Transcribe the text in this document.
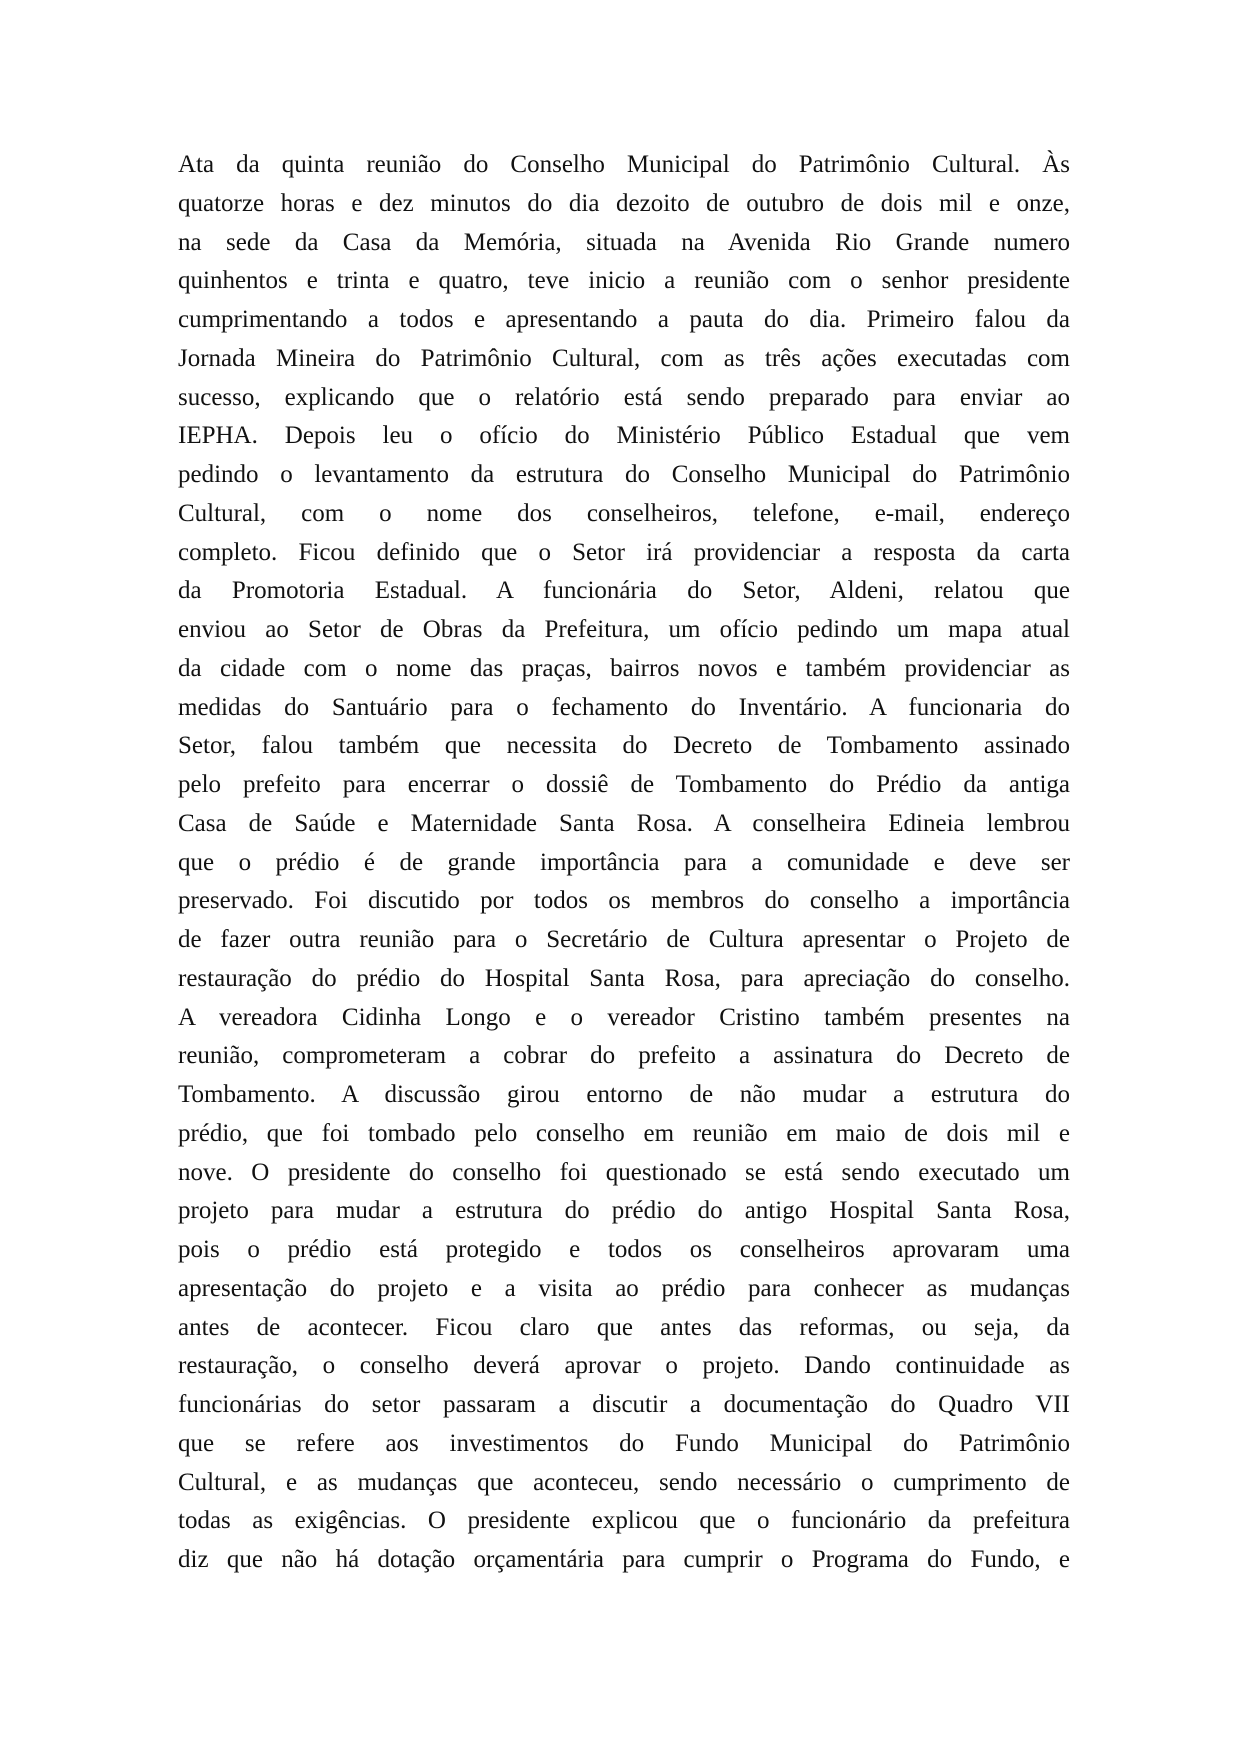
Ata da quinta reunião do Conselho Municipal do Patrimônio Cultural. Às
quatorze horas e dez minutos do dia dezoito de outubro de dois mil e onze,
na sede da Casa da Memória, situada na Avenida Rio Grande numero
quinhentos e trinta e quatro, teve inicio a reunião com o senhor presidente
cumprimentando a todos e apresentando a pauta do dia. Primeiro falou da
Jornada Mineira do Patrimônio Cultural, com as três ações executadas com
sucesso, explicando que o relatório está sendo preparado para enviar ao
IEPHA. Depois leu o ofício do Ministério Público Estadual que vem
pedindo o levantamento da estrutura do Conselho Municipal do Patrimônio
Cultural, com o nome dos conselheiros, telefone, e-mail, endereço
completo. Ficou definido que o Setor irá providenciar a resposta da carta
da Promotoria Estadual. A funcionária do Setor, Aldeni, relatou que
enviou ao Setor de Obras da Prefeitura, um ofício pedindo um mapa atual
da cidade com o nome das praças, bairros novos e também providenciar as
medidas do Santuário para o fechamento do Inventário. A funcionaria do
Setor, falou também que necessita do Decreto de Tombamento assinado
pelo prefeito para encerrar o dossiê de Tombamento do Prédio da antiga
Casa de Saúde e Maternidade Santa Rosa. A conselheira Edineia lembrou
que o prédio é de grande importância para a comunidade e deve ser
preservado. Foi discutido por todos os membros do conselho a importância
de fazer outra reunião para o Secretário de Cultura apresentar o Projeto de
restauração do prédio do Hospital Santa Rosa, para apreciação do conselho.
A vereadora Cidinha Longo e o vereador Cristino também presentes na
reunião, comprometeram a cobrar do prefeito a assinatura do Decreto de
Tombamento. A discussão girou entorno de não mudar a estrutura do
prédio, que foi tombado pelo conselho em reunião em maio de dois mil e
nove. O presidente do conselho foi questionado se está sendo executado um
projeto para mudar a estrutura do prédio do antigo Hospital Santa Rosa,
pois o prédio está protegido e todos os conselheiros aprovaram uma
apresentação do projeto e a visita ao prédio para conhecer as mudanças
antes de acontecer. Ficou claro que antes das reformas, ou seja, da
restauração, o conselho deverá aprovar o projeto. Dando continuidade as
funcionárias do setor passaram a discutir a documentação do Quadro VII
que se refere aos investimentos do Fundo Municipal do Patrimônio
Cultural, e as mudanças que aconteceu, sendo necessário o cumprimento de
todas as exigências. O presidente explicou que o funcionário da prefeitura
diz que não há dotação orçamentária para cumprir o Programa do Fundo, e
